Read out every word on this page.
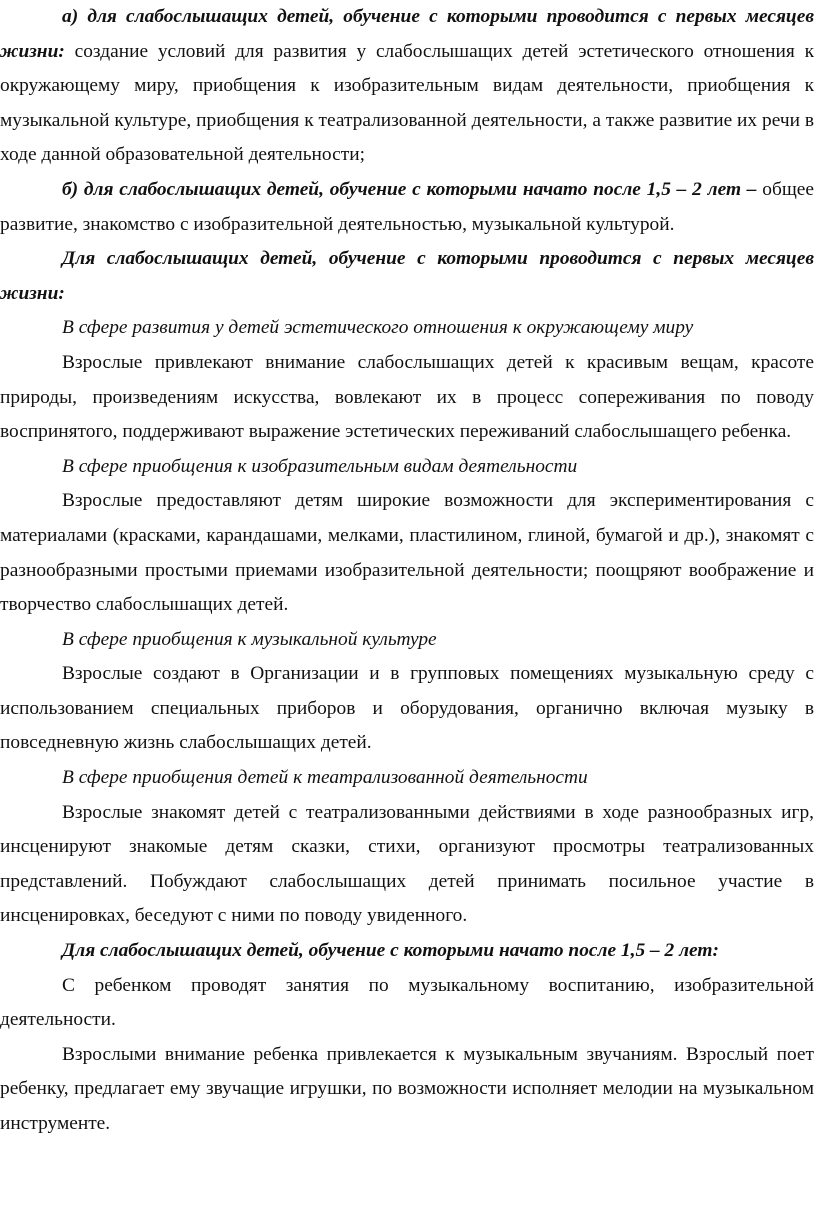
а) для слабослышащих детей, обучение с которыми проводится с первых месяцев жизни: создание условий для развития у слабослышащих детей эстетического отношения к окружающему миру, приобщения к изобразительным видам деятельности, приобщения к музыкальной культуре, приобщения к театрализованной деятельности, а также развитие их речи в ходе данной образовательной деятельности;

б) для слабослышащих детей, обучение с которыми начато после 1,5 – 2 лет – общее развитие, знакомство с изобразительной деятельностью, музыкальной культурой.

Для слабослышащих детей, обучение с которыми проводится с первых месяцев жизни:

В сфере развития у детей эстетического отношения к окружающему миру

Взрослые привлекают внимание слабослышащих детей к красивым вещам, красоте природы, произведениям искусства, вовлекают их в процесс сопереживания по поводу воспринятого, поддерживают выражение эстетических переживаний слабослышащего ребенка.

В сфере приобщения к изобразительным видам деятельности

Взрослые предоставляют детям широкие возможности для экспериментирования с материалами (красками, карандашами, мелками, пластилином, глиной, бумагой и др.), знакомят с разнообразными простыми приемами изобразительной деятельности; поощряют воображение и творчество слабослышащих детей.

В сфере приобщения к музыкальной культуре

Взрослые создают в Организации и в групповых помещениях музыкальную среду с использованием специальных приборов и оборудования, органично включая музыку в повседневную жизнь слабослышащих детей.

В сфере приобщения детей к театрализованной деятельности

Взрослые знакомят детей с театрализованными действиями в ходе разнообразных игр, инсценируют знакомые детям сказки, стихи, организуют просмотры театрализованных представлений. Побуждают слабослышащих детей принимать посильное участие в инсценировках, беседуют с ними по поводу увиденного.

Для слабослышащих детей, обучение с которыми начато после 1,5 – 2 лет:

С ребенком проводят занятия по музыкальному воспитанию, изобразительной деятельности.

Взрослыми внимание ребенка привлекается к музыкальным звучаниям. Взрослый поет ребенку, предлагает ему звучащие игрушки, по возможности исполняет мелодии на музыкальном инструменте.
